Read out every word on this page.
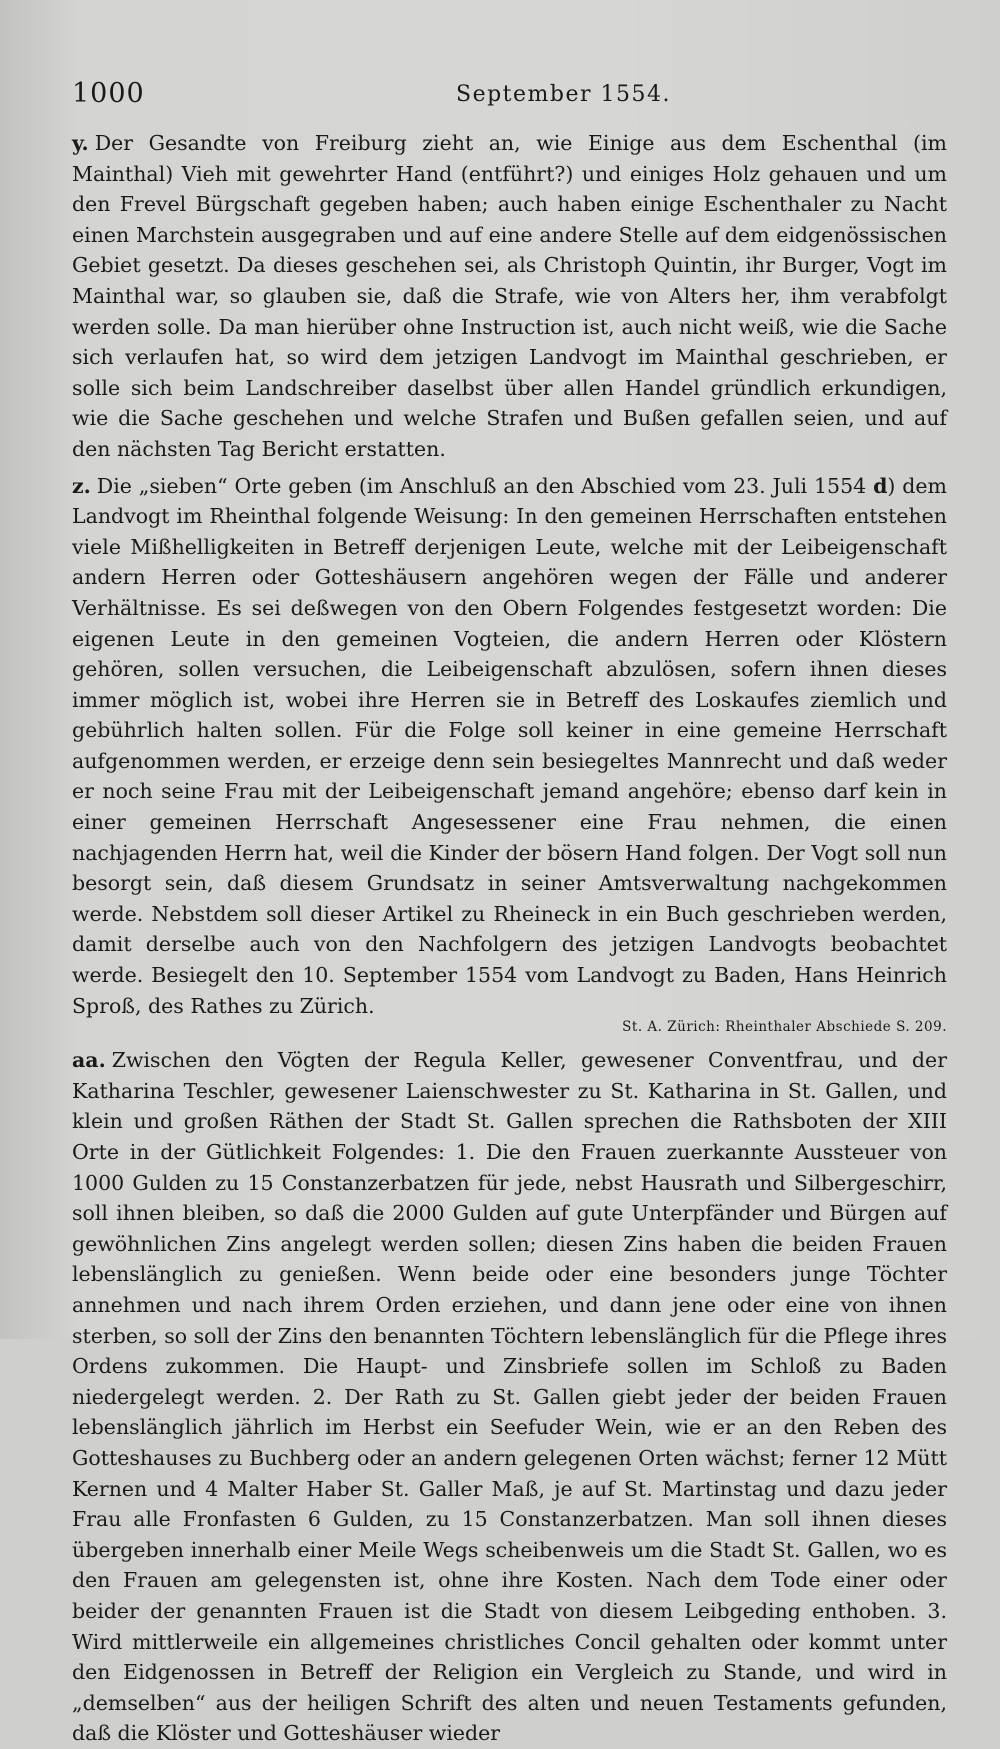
1000	September 1554.

y. Der Gesandte von Freiburg zieht an, wie Einige aus dem Eschenthal (im Mainthal) Vieh mit gewehrter Hand (entführt?) und einiges Holz gehauen und um den Frevel Bürgschaft gegeben haben; auch haben einige Eschenthaler zu Nacht einen Marchstein ausgegraben und auf eine andere Stelle auf dem eidgenössischen Gebiet gesetzt. Da dieses geschehen sei, als Christoph Quintin, ihr Burger, Vogt im Mainthal war, so glauben sie, daß die Strafe, wie von Alters her, ihm verabfolgt werden solle. Da man hierüber ohne Instruction ist, auch nicht weiß, wie die Sache sich verlaufen hat, so wird dem jetzigen Landvogt im Mainthal geschrieben, er solle sich beim Landschreiber daselbst über allen Handel gründlich erkundigen, wie die Sache geschehen und welche Strafen und Bußen gefallen seien, und auf den nächsten Tag Bericht erstatten.

z. Die „sieben“ Orte geben (im Anschluß an den Abschied vom 23. Juli 1554 d) dem Landvogt im Rheinthal folgende Weisung: In den gemeinen Herrschaften entstehen viele Mißhelligkeiten in Betreff derjenigen Leute, welche mit der Leibeigenschaft andern Herren oder Gotteshäusern angehören wegen der Fälle und anderer Verhältnisse. Es sei deßwegen von den Obern Folgendes festgesetzt worden: Die eigenen Leute in den gemeinen Vogteien, die andern Herren oder Klöstern gehören, sollen versuchen, die Leibeigenschaft abzulösen, sofern ihnen dieses immer möglich ist, wobei ihre Herren sie in Betreff des Loskaufes ziemlich und gebührlich halten sollen. Für die Folge soll keiner in eine gemeine Herrschaft aufgenommen werden, er erzeige denn sein besiegeltes Mannrecht und daß weder er noch seine Frau mit der Leibeigenschaft jemand angehöre; ebenso darf kein in einer gemeinen Herrschaft Angesessener eine Frau nehmen, die einen nachjagenden Herrn hat, weil die Kinder der bösern Hand folgen. Der Vogt soll nun besorgt sein, daß diesem Grundsatz in seiner Amtsverwaltung nachgekommen werde. Nebstdem soll dieser Artikel zu Rheineck in ein Buch geschrieben werden, damit derselbe auch von den Nachfolgern des jetzigen Landvogts beobachtet werde. Besiegelt den 10. September 1554 vom Landvogt zu Baden, Hans Heinrich Sproß, des Rathes zu Zürich.

St. A. Zürich: Rheinthaler Abschiede S. 209.

aa. Zwischen den Vögten der Regula Keller, gewesener Conventfrau, und der Katharina Teschler, gewesener Laienschwester zu St. Katharina in St. Gallen, und klein und großen Räthen der Stadt St. Gallen sprechen die Rathsboten der XIII Orte in der Gütlichkeit Folgendes: 1. Die den Frauen zuerkannte Aussteuer von 1000 Gulden zu 15 Constanzerbatzen für jede, nebst Hausrath und Silbergeschirr, soll ihnen bleiben, so daß die 2000 Gulden auf gute Unterpfänder und Bürgen auf gewöhnlichen Zins angelegt werden sollen; diesen Zins haben die beiden Frauen lebenslänglich zu genießen. Wenn beide oder eine besonders junge Töchter annehmen und nach ihrem Orden erziehen, und dann jene oder eine von ihnen sterben, so soll der Zins den benannten Töchtern lebenslänglich für die Pflege ihres Ordens zukommen. Die Haupt- und Zinsbriefe sollen im Schloß zu Baden niedergelegt werden. 2. Der Rath zu St. Gallen giebt jeder der beiden Frauen lebenslänglich jährlich im Herbst ein Seefuder Wein, wie er an den Reben des Gotteshauses zu Buchberg oder an andern gelegenen Orten wächst; ferner 12 Mütt Kernen und 4 Malter Haber St. Galler Maß, je auf St. Martinstag und dazu jeder Frau alle Fronfasten 6 Gulden, zu 15 Constanzerbatzen. Man soll ihnen dieses übergeben innerhalb einer Meile Wegs scheibenweis um die Stadt St. Gallen, wo es den Frauen am gelegensten ist, ohne ihre Kosten. Nach dem Tode einer oder beider der genannten Frauen ist die Stadt von diesem Leibgeding enthoben. 3. Wird mittlerweile ein allgemeines christliches Concil gehalten oder kommt unter den Eidgenossen in Betreff der Religion ein Vergleich zu Stande, und wird in „demselben“ aus der heiligen Schrift des alten und neuen Testaments gefunden, daß die Klöster und Gotteshäuser wieder
